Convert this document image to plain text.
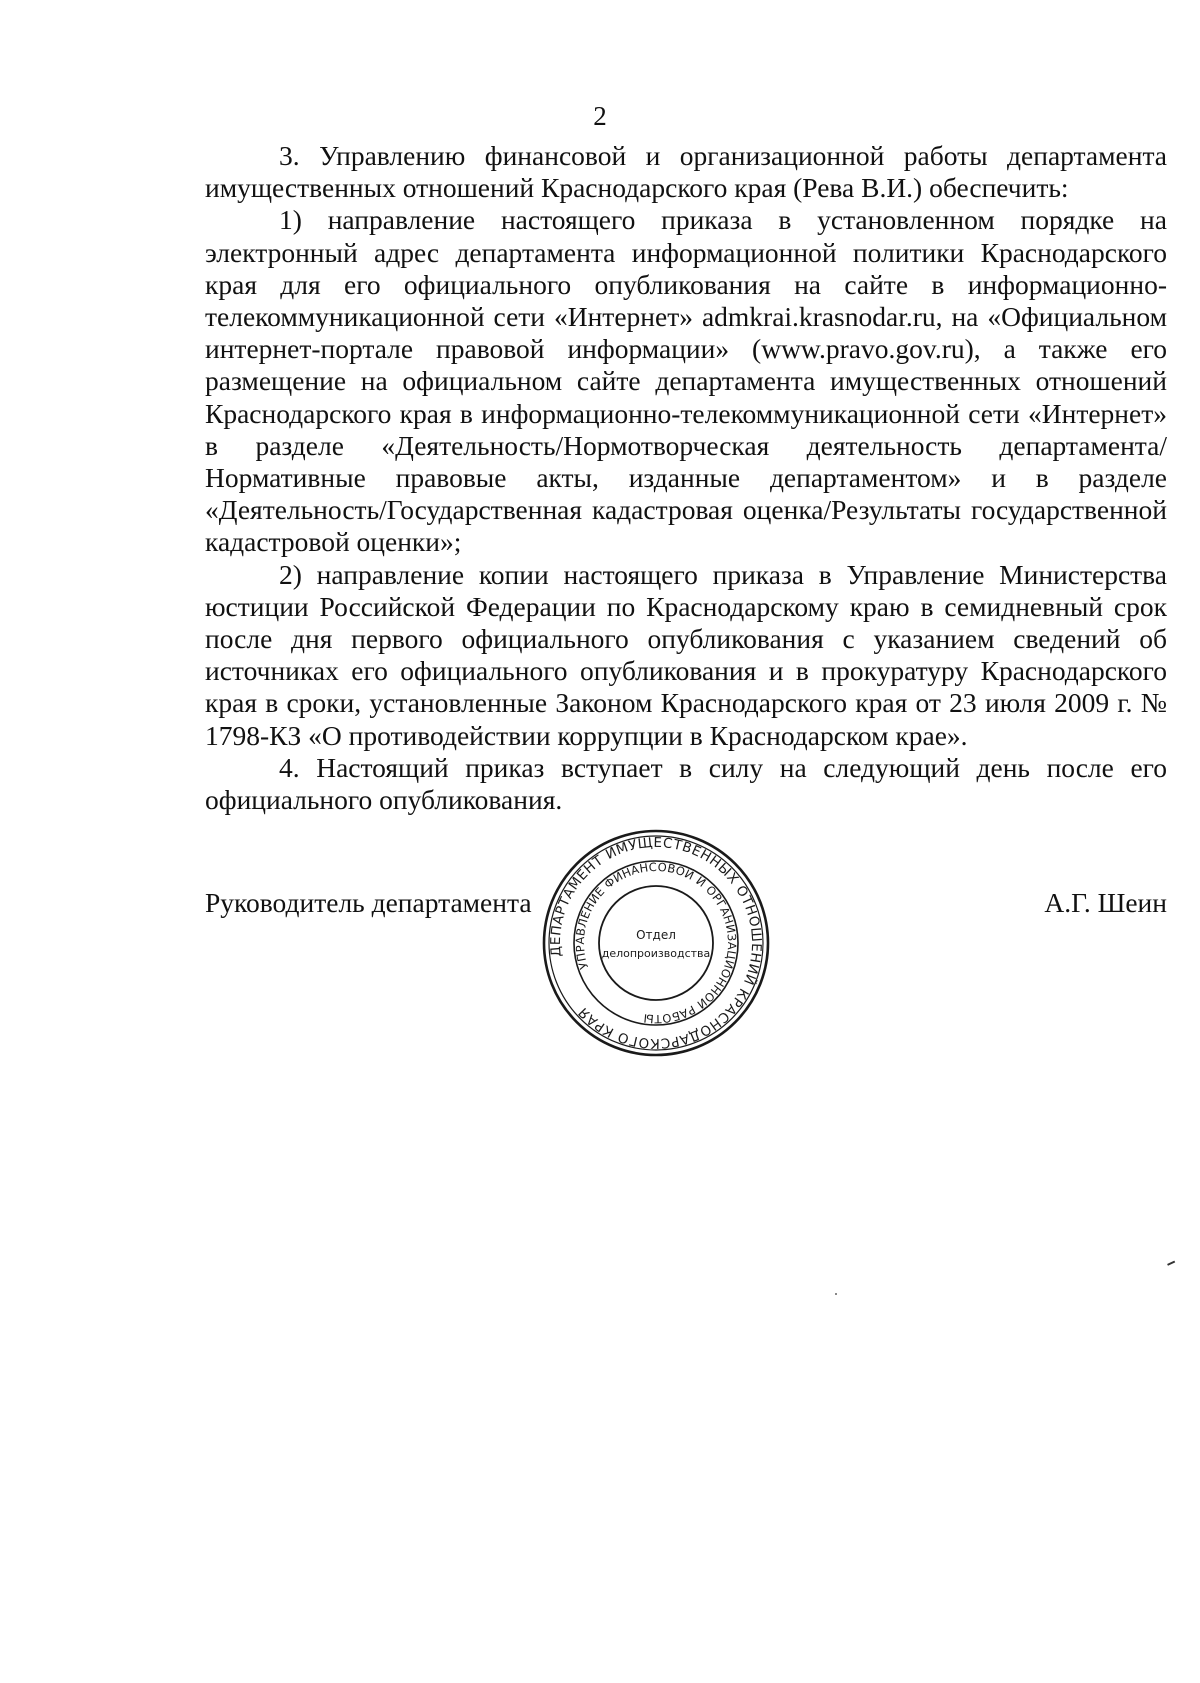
2

3. Управлению финансовой и организационной работы департамента имущественных отношений Краснодарского края (Рева В.И.) обеспечить:

1) направление настоящего приказа в установленном порядке на электронный адрес департамента информационной политики Краснодарского края для его официального опубликования на сайте в информационно-телекоммуникационной сети «Интернет» admkrai.krasnodar.ru, на «Официальном интернет-портале правовой информации» (www.pravo.gov.ru), а также его размещение на официальном сайте департамента имущественных отношений Краснодарского края в информационно-телекоммуникационной сети «Интернет» в разделе «Деятельность/Нормотворческая деятельность департамента/Нормативные правовые акты, изданные департаментом» и в разделе «Деятельность/Государственная кадастровая оценка/Результаты государственной кадастровой оценки»;

2) направление копии настоящего приказа в Управление Министерства юстиции Российской Федерации по Краснодарскому краю в семидневный срок после дня первого официального опубликования с указанием сведений об источниках его официального опубликования и в прокуратуру Краснодарского края в сроки, установленные Законом Краснодарского края от 23 июля 2009 г. № 1798-КЗ «О противодействии коррупции в Краснодарском крае».

4. Настоящий приказ вступает в силу на следующий день после его официального опубликования.

Руководитель департамента	А.Г. Шеин
ДЕПАРТАМЕНТ ИМУЩЕСТВЕННЫХ ОТНОШЕНИЙ КРАСНОДАРСКОГО КРАЯ
УПРАВЛЕНИЕ ФИНАНСОВОЙ И ОРГАНИЗАЦИОННОЙ РАБОТЫ
Отдел
делопроизводства
